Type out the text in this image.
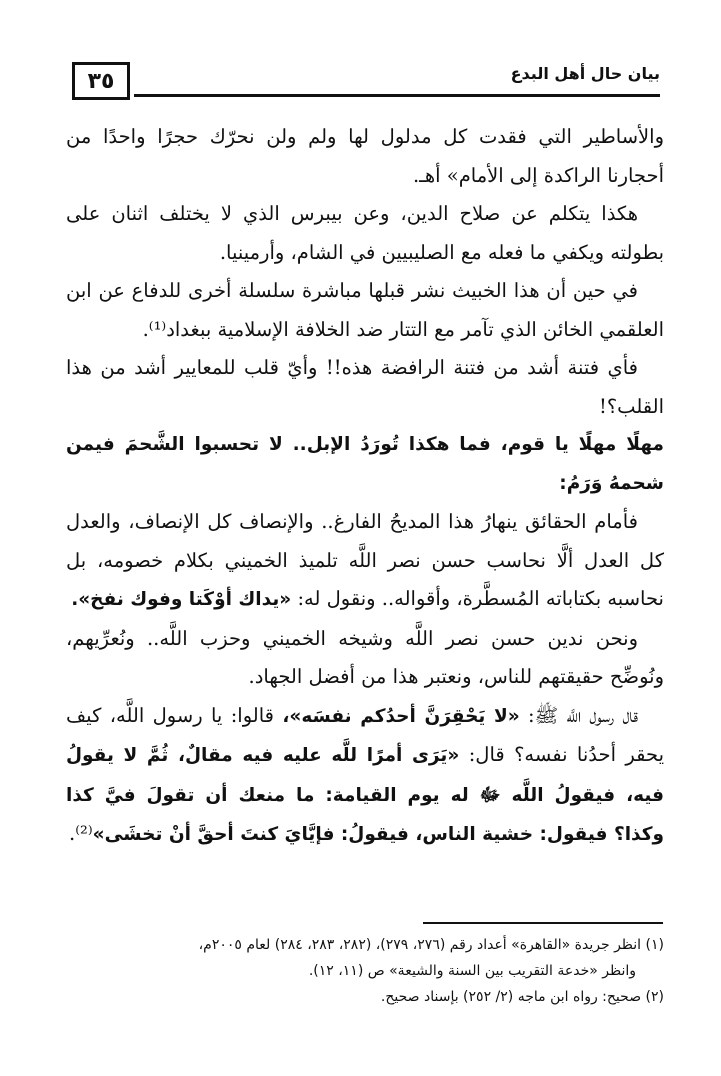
٣٥	بيان حال أهل البدع

والأساطير التي فقدت كل مدلول لها ولم ولن نحرّك حجرًا واحدًا من أحجارنا الراكدة إلى الأمام» أهـ.

هكذا يتكلم عن صلاح الدين، وعن بيبرس الذي لا يختلف اثنان على بطولته ويكفي ما فعله مع الصليبيين في الشام، وأرمينيا.

في حين أن هذا الخبيث نشر قبلها مباشرة سلسلة أخرى للدفاع عن ابن العلقمي الخائن الذي تآمر مع التتار ضد الخلافة الإسلامية ببغداد⁽¹⁾.

فأي فتنة أشد من فتنة الرافضة هذه!! وأيّ قلب للمعايير أشد من هذا القلب؟!

مهلًا مهلًا يا قوم، فما هكذا تُورَدُ الإبل.. لا تحسبوا الشَّحمَ فيمن شحمهُ وَرَمُ:

فأمام الحقائق ينهارُ هذا المديحُ الفارغ.. والإنصاف كل الإنصاف، والعدل كل العدل ألَّا نحاسب حسن نصر اللَّه تلميذ الخميني بكلام خصومه، بل نحاسبه بكتاباته المُسطَّرة، وأقواله.. ونقول له: «يداك أوْكَتا وفوك نفخ».

ونحن ندين حسن نصر اللَّه وشيخه الخميني وحزب اللَّه.. ونُعرِّيهم، ونُوضِّح حقيقتهم للناس، ونعتبر هذا من أفضل الجهاد.

قال رسول اللَّه ﷺ: «لا يَحْقِرَنَّ أحدُكم نفسَه»، قالوا: يا رسول اللَّه، كيف يحقر أحدُنا نفسه؟ قال: «يَرَى أمرًا للَّه عليه فيه مقالٌ، ثُمَّ لا يقولُ فيه، فيقولُ اللَّه ﷻ له يوم القيامة: ما منعك أن تقولَ فيَّ كذا وكذا؟ فيقول: خشية الناس، فيقولُ: فإيَّايَ كنتَ أحقَّ أنْ تخشَى»⁽²⁾.

(١) انظر جريدة «القاهرة» أعداد رقم (٢٧٦، ٢٧٩)، (٢٨٢، ٢٨٣، ٢٨٤) لعام ٢٠٠٥م،

وانظر «خدعة التقريب بين السنة والشيعة» ص (١١، ١٢).

(٢) صحيح: رواه ابن ماجه (٢/ ٢٥٢) بإسناد صحيح.
